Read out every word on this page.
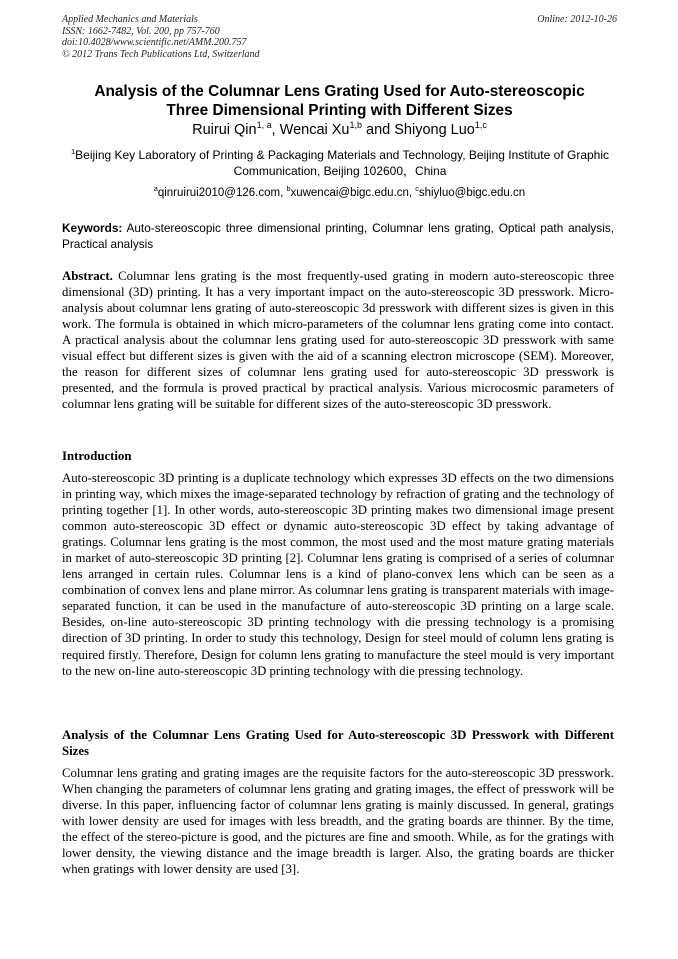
Applied Mechanics and Materials
ISSN: 1662-7482, Vol. 200, pp 757-760
doi:10.4028/www.scientific.net/AMM.200.757
© 2012 Trans Tech Publications Ltd, Switzerland
Online: 2012-10-26
Analysis of the Columnar Lens Grating Used for Auto-stereoscopic
Three Dimensional Printing with Different Sizes
Ruirui Qin$^{1, a}$, Wencai Xu$^{1,b}$ and Shiyong Luo$^{1,c}$
$^1$Beijing Key Laboratory of Printing & Packaging Materials and Technology, Beijing Institute of Graphic Communication, Beijing 102600，China
$^a$qinruirui2010@126.com, $^b$xuwencai@bigc.edu.cn, $^c$shiyluo@bigc.edu.cn
Keywords: Auto-stereoscopic three dimensional printing, Columnar lens grating, Optical path analysis, Practical analysis
Abstract. Columnar lens grating is the most frequently-used grating in modern auto-stereoscopic three dimensional (3D) printing. It has a very important impact on the auto-stereoscopic 3D presswork. Micro-analysis about columnar lens grating of auto-stereoscopic 3d presswork with different sizes is given in this work. The formula is obtained in which micro-parameters of the columnar lens grating come into contact. A practical analysis about the columnar lens grating used for auto-stereoscopic 3D presswork with same visual effect but different sizes is given with the aid of a scanning electron microscope (SEM). Moreover, the reason for different sizes of columnar lens grating used for auto-stereoscopic 3D presswork is presented, and the formula is proved practical by practical analysis. Various microcosmic parameters of columnar lens grating will be suitable for different sizes of the auto-stereoscopic 3D presswork.
Introduction
Auto-stereoscopic 3D printing is a duplicate technology which expresses 3D effects on the two dimensions in printing way, which mixes the image-separated technology by refraction of grating and the technology of printing together [1]. In other words, auto-stereoscopic 3D printing makes two dimensional image present common auto-stereoscopic 3D effect or dynamic auto-stereoscopic 3D effect by taking advantage of gratings. Columnar lens grating is the most common, the most used and the most mature grating materials in market of auto-stereoscopic 3D printing [2]. Columnar lens grating is comprised of a series of columnar lens arranged in certain rules. Columnar lens is a kind of plano-convex lens which can be seen as a combination of convex lens and plane mirror. As columnar lens grating is transparent materials with image-separated function, it can be used in the manufacture of auto-stereoscopic 3D printing on a large scale. Besides, on-line auto-stereoscopic 3D printing technology with die pressing technology is a promising direction of 3D printing. In order to study this technology, Design for steel mould of column lens grating is required firstly. Therefore, Design for column lens grating to manufacture the steel mould is very important to the new on-line auto-stereoscopic 3D printing technology with die pressing technology.
Analysis of the Columnar Lens Grating Used for Auto-stereoscopic 3D Presswork with Different Sizes
Columnar lens grating and grating images are the requisite factors for the auto-stereoscopic 3D presswork. When changing the parameters of columnar lens grating and grating images, the effect of presswork will be diverse. In this paper, influencing factor of columnar lens grating is mainly discussed. In general, gratings with lower density are used for images with less breadth, and the grating boards are thinner. By the time, the effect of the stereo-picture is good, and the pictures are fine and smooth. While, as for the gratings with lower density, the viewing distance and the image breadth is larger. Also, the grating boards are thicker when gratings with lower density are used [3].
